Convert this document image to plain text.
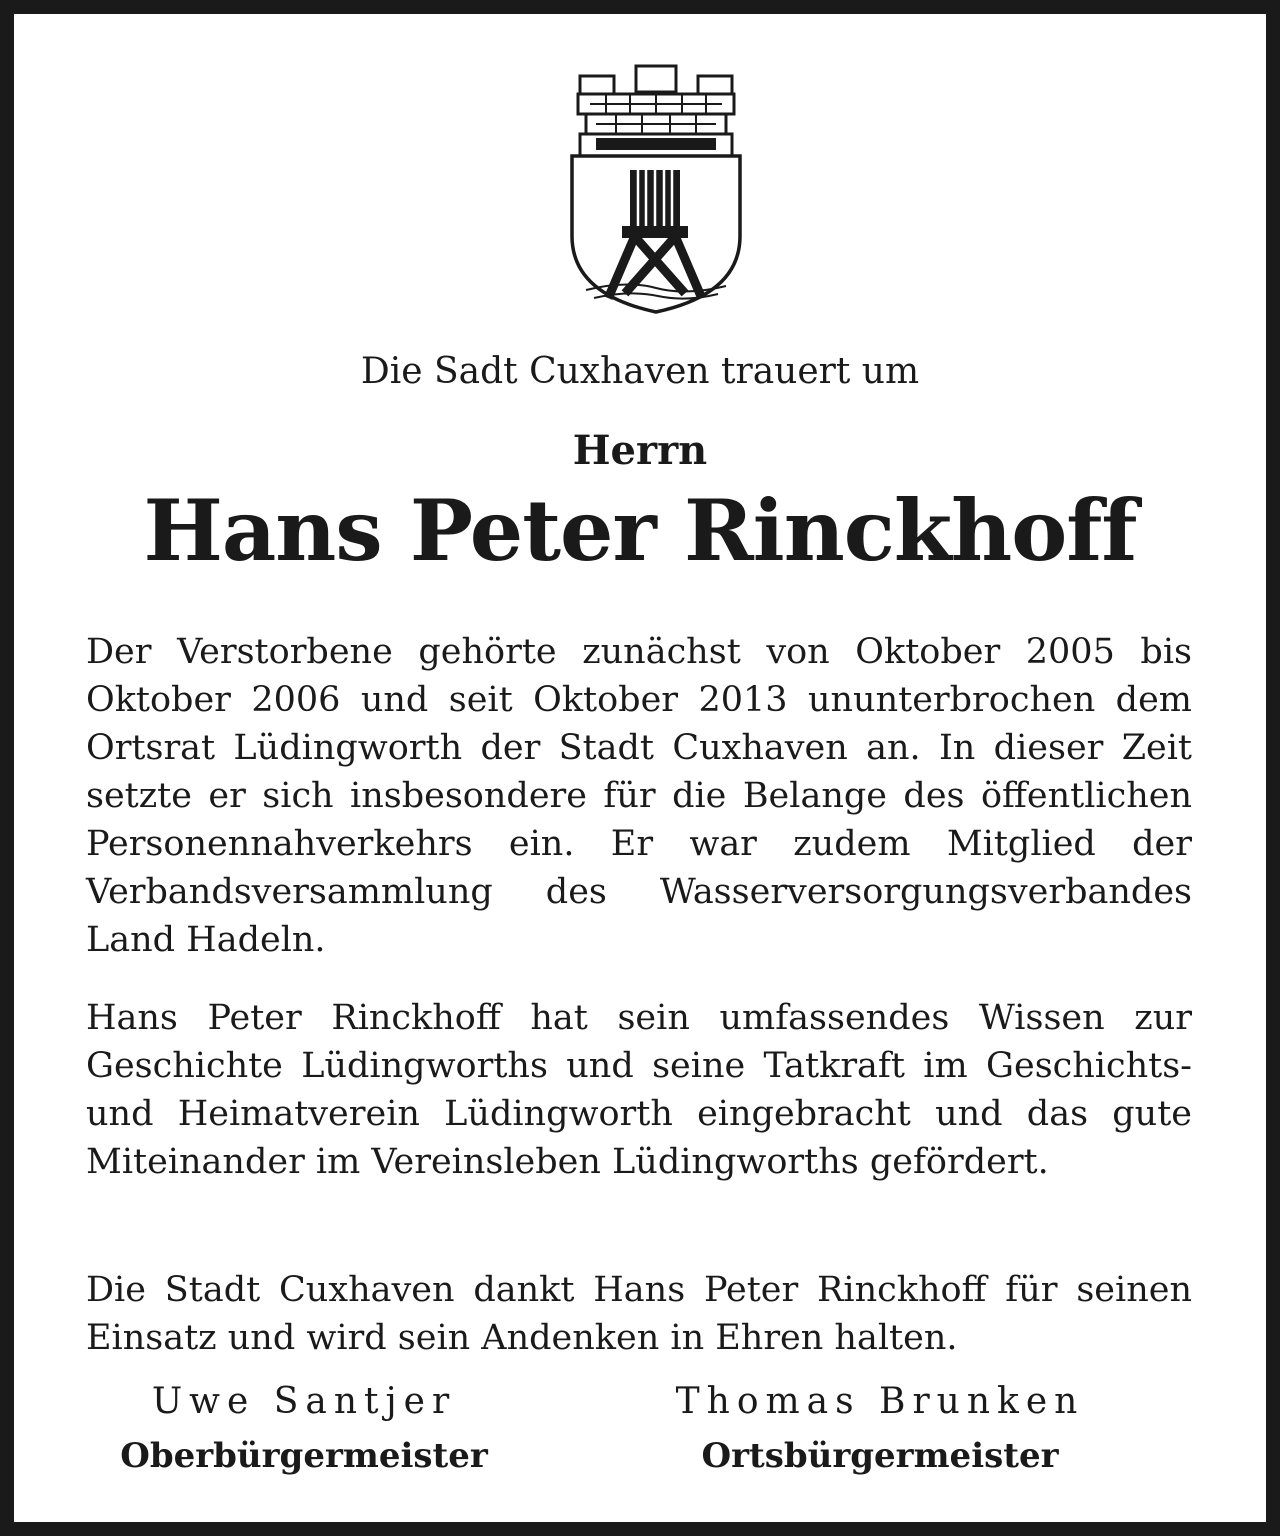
Die Sadt Cuxhaven trauert um
Herrn
Hans Peter Rinckhoff
Der Verstorbene gehörte zunächst von Oktober 2005 bis Oktober 2006 und seit Oktober 2013 ununterbrochen dem Ortsrat Lüdingworth der Stadt Cuxhaven an. In dieser Zeit setzte er sich insbesondere für die Belange des öffentlichen Personennahverkehrs ein. Er war zudem Mitglied der Verbandsversammlung des Wasserversorgungsverbandes Land Hadeln.
Hans Peter Rinckhoff hat sein umfassendes Wissen zur Geschichte Lüdingworths und seine Tatkraft im Geschichts- und Heimatverein Lüdingworth eingebracht und das gute Miteinander im Vereinsleben Lüdingworths gefördert.
Die Stadt Cuxhaven dankt Hans Peter Rinckhoff für seinen Einsatz und wird sein Andenken in Ehren halten.
Uwe Santjer
Oberbürgermeister
Thomas Brunken
Ortsbürgermeister
